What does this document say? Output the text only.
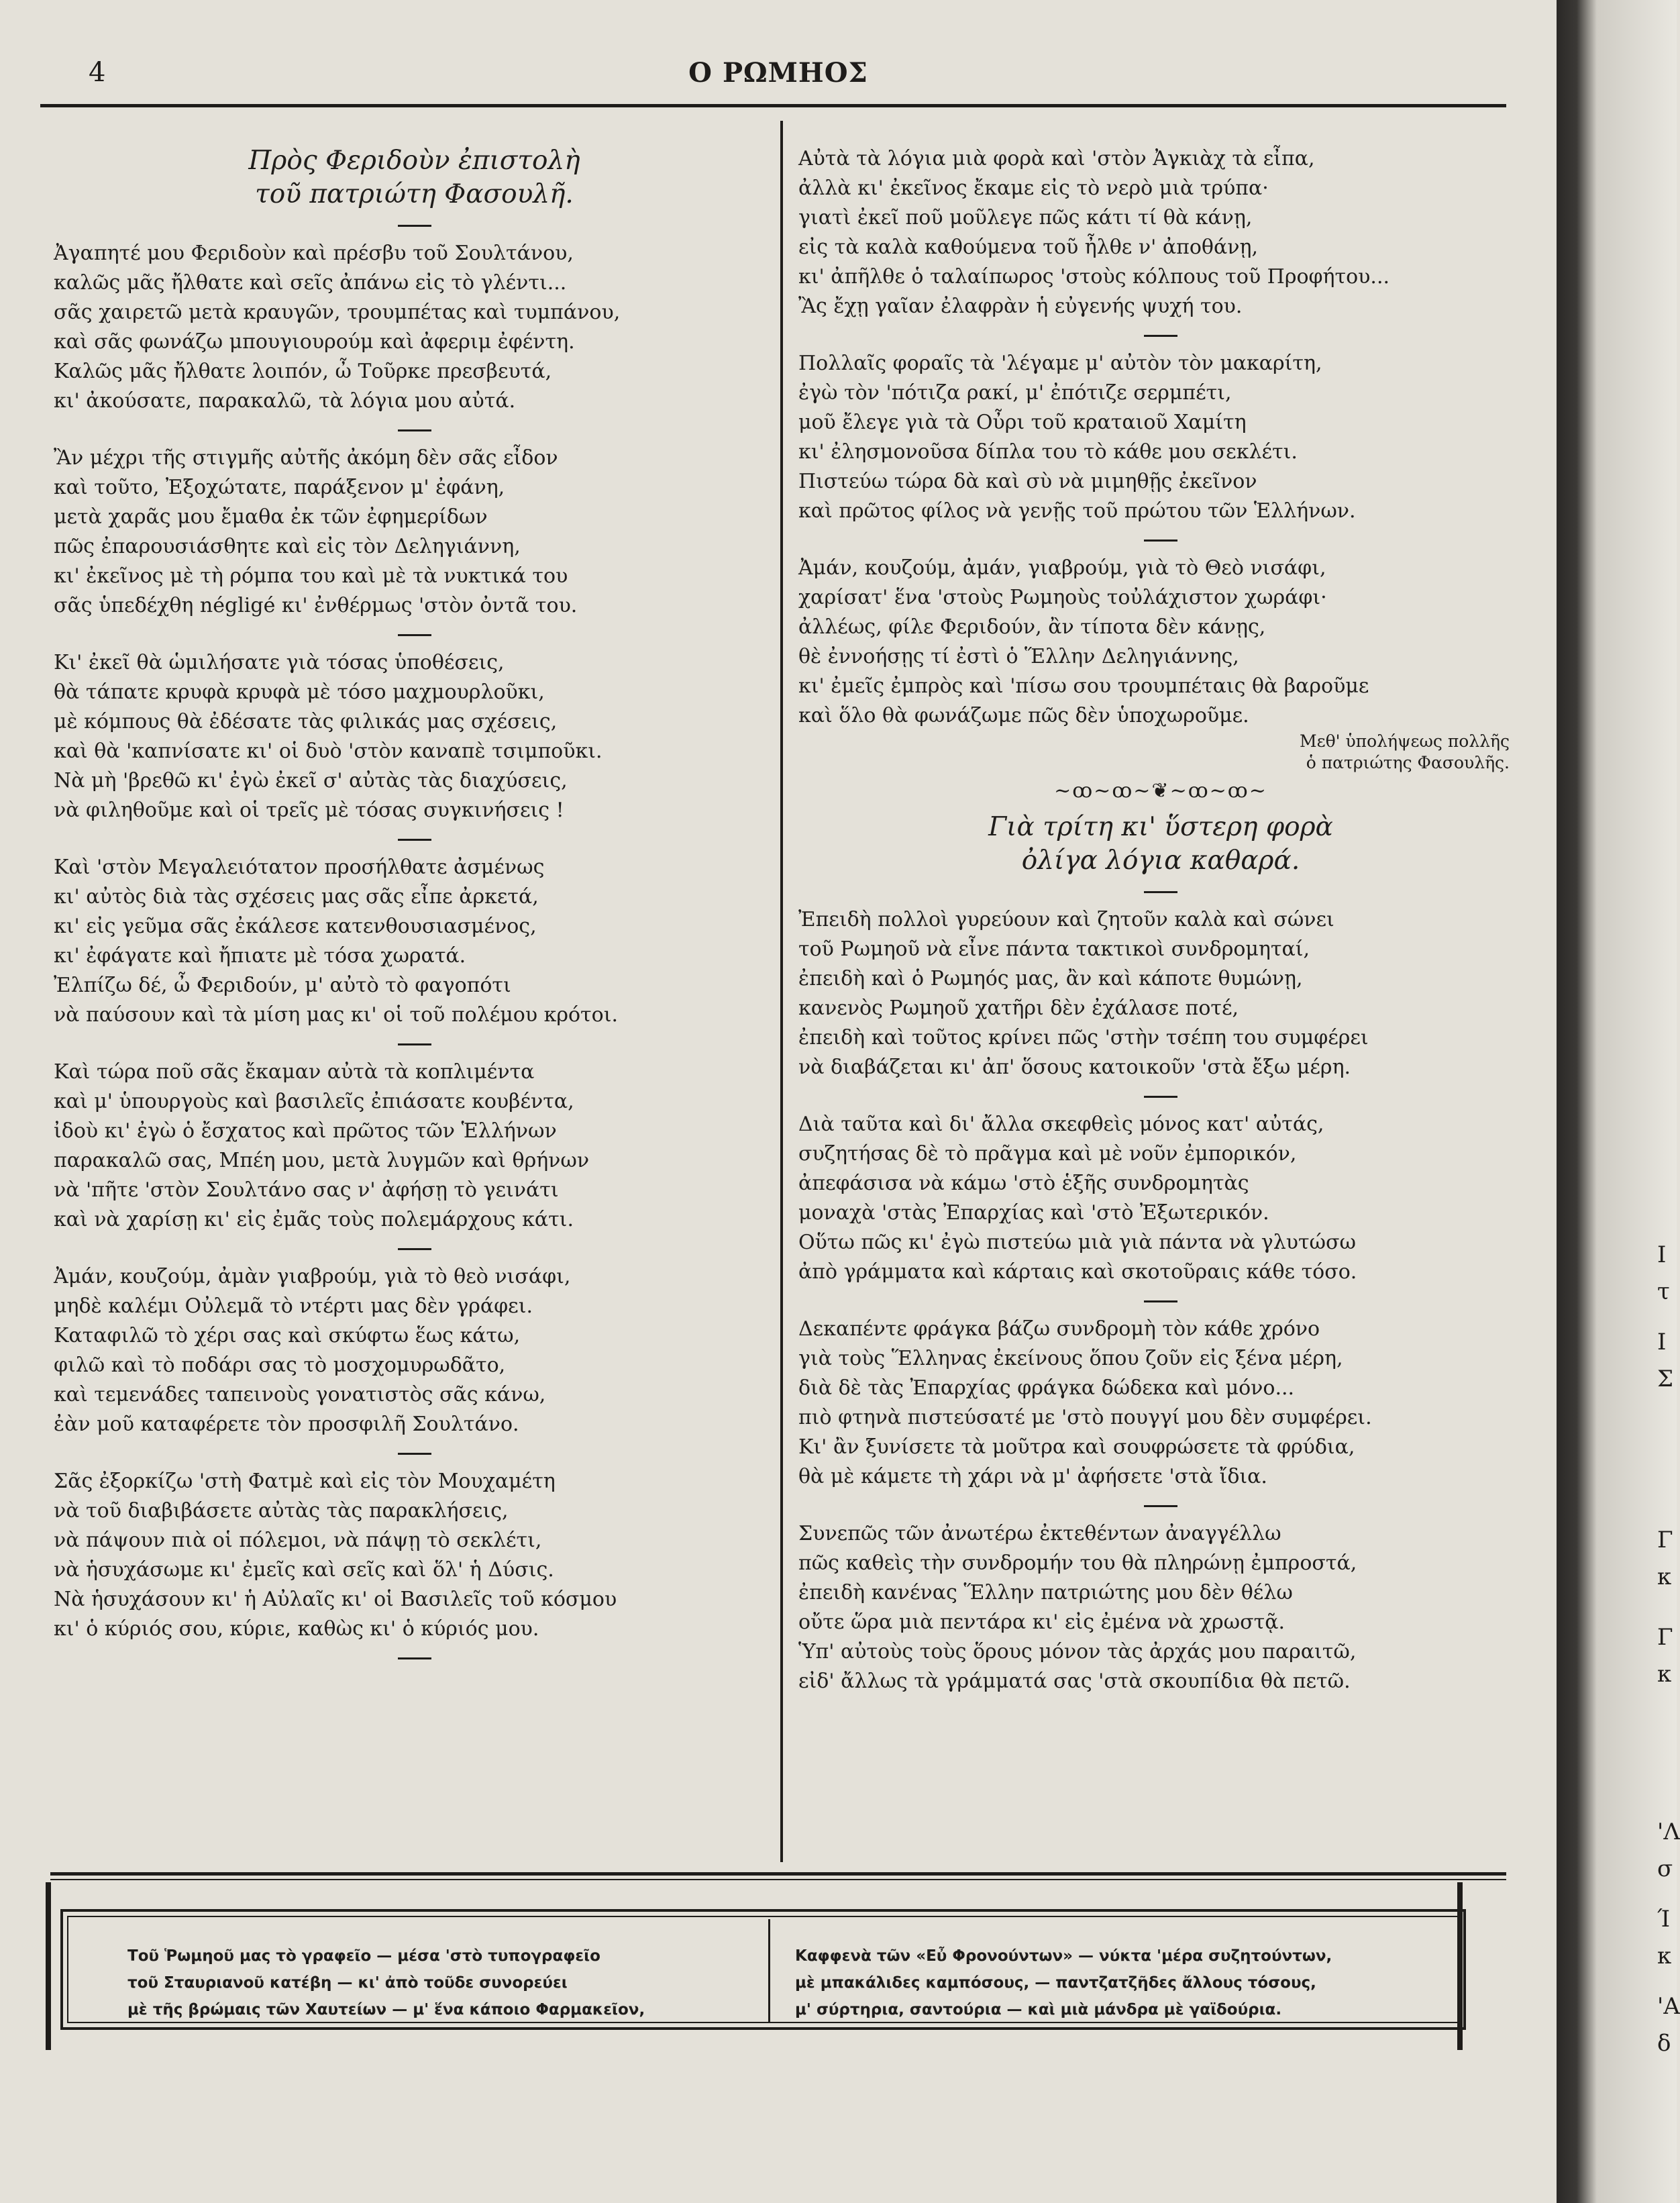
Ι
τ
Ι
Σ
Γ
κ
Γ
κ
'Λ
σ
Ί
κ
'Α
δ
4	Ο ΡΩΜΗΟΣ
Πρὸς Φεριδοὺν ἐπιστολὴ
τοῦ πατριώτη Φασουλῆ.
Ἀγαπητέ μου Φεριδοὺν καὶ πρέσβυ τοῦ Σουλτάνου,
καλῶς μᾶς ἤλθατε καὶ σεῖς ἀπάνω εἰς τὸ γλέντι...
σᾶς χαιρετῶ μετὰ κραυγῶν, τρουμπέτας καὶ τυμπάνου,
καὶ σᾶς φωνάζω μπουγιουρούμ καὶ ἀφεριμ ἐφέντη.
Καλῶς μᾶς ἤλθατε λοιπόν, ὦ Τοῦρκε πρεσβευτά,
κι' ἀκούσατε, παρακαλῶ, τὰ λόγια μου αὐτά.
Ἂν μέχρι τῆς στιγμῆς αὐτῆς ἀκόμη δὲν σᾶς εἶδον
καὶ τοῦτο, Ἐξοχώτατε, παράξενον μ' ἐφάνη,
μετὰ χαρᾶς μου ἔμαθα ἐκ τῶν ἐφημερίδων
πῶς ἐπαρουσιάσθητε καὶ εἰς τὸν Δεληγιάννη,
κι' ἐκεῖνος μὲ τὴ ρόμπα του καὶ μὲ τὰ νυκτικά του
σᾶς ὑπεδέχθη négligé κι' ἐνθέρμως 'στὸν ὀντᾶ του.
Κι' ἐκεῖ θὰ ὡμιλήσατε γιὰ τόσας ὑποθέσεις,
θὰ τάπατε κρυφὰ κρυφὰ μὲ τόσο μαχμουρλοῦκι,
μὲ κόμπους θὰ ἐδέσατε τὰς φιλικάς μας σχέσεις,
καὶ θὰ 'καπνίσατε κι' οἱ δυὸ 'στὸν καναπὲ τσιμποῦκι.
Νὰ μὴ 'βρεθῶ κι' ἐγὼ ἐκεῖ σ' αὐτὰς τὰς διαχύσεις,
νὰ φιληθοῦμε καὶ οἱ τρεῖς μὲ τόσας συγκινήσεις !
Καὶ 'στὸν Μεγαλειότατον προσήλθατε ἀσμένως
κι' αὐτὸς διὰ τὰς σχέσεις μας σᾶς εἶπε ἀρκετά,
κι' εἰς γεῦμα σᾶς ἐκάλεσε κατενθουσιασμένος,
κι' ἐφάγατε καὶ ἤπιατε μὲ τόσα χωρατά.
Ἐλπίζω δέ, ὦ Φεριδούν, μ' αὐτὸ τὸ φαγοπότι
νὰ παύσουν καὶ τὰ μίση μας κι' οἱ τοῦ πολέμου κρότοι.
Καὶ τώρα ποῦ σᾶς ἔκαμαν αὐτὰ τὰ κοπλιμέντα
καὶ μ' ὑπουργοὺς καὶ βασιλεῖς ἐπιάσατε κουβέντα,
ἰδοὺ κι' ἐγὼ ὁ ἔσχατος καὶ πρῶτος τῶν Ἑλλήνων
παρακαλῶ σας, Μπέη μου, μετὰ λυγμῶν καὶ θρήνων
νὰ 'πῆτε 'στὸν Σουλτάνο σας ν' ἀφήσῃ τὸ γεινάτι
καὶ νὰ χαρίσῃ κι' εἰς ἐμᾶς τοὺς πολεμάρχους κάτι.
Ἀμάν, κουζούμ, ἀμὰν γιαβρούμ, γιὰ τὸ θεὸ νισάφι,
μηδὲ καλέμι Οὐλεμᾶ τὸ ντέρτι μας δὲν γράφει.
Καταφιλῶ τὸ χέρι σας καὶ σκύφτω ἕως κάτω,
φιλῶ καὶ τὸ ποδάρι σας τὸ μοσχομυρωδᾶτο,
καὶ τεμενάδες ταπεινοὺς γονατιστὸς σᾶς κάνω,
ἐὰν μοῦ καταφέρετε τὸν προσφιλῆ Σουλτάνο.
Σᾶς ἐξορκίζω 'στὴ Φατμὲ καὶ εἰς τὸν Μουχαμέτη
νὰ τοῦ διαβιβάσετε αὐτὰς τὰς παρακλήσεις,
νὰ πάψουν πιὰ οἱ πόλεμοι, νὰ πάψῃ τὸ σεκλέτι,
νὰ ἡσυχάσωμε κι' ἐμεῖς καὶ σεῖς καὶ ὅλ' ἡ Δύσις.
Νὰ ἡσυχάσουν κι' ἡ Αὐλαῖς κι' οἱ Βασιλεῖς τοῦ κόσμου
κι' ὁ κύριός σου, κύριε, καθὼς κι' ὁ κύριός μου.
Αὐτὰ τὰ λόγια μιὰ φορὰ καὶ 'στὸν Ἀγκιὰχ τὰ εἶπα,
ἀλλὰ κι' ἐκεῖνος ἔκαμε εἰς τὸ νερὸ μιὰ τρύπα·
γιατὶ ἐκεῖ ποῦ μοῦλεγε πῶς κάτι τί θὰ κάνῃ,
εἰς τὰ καλὰ καθούμενα τοῦ ἦλθε ν' ἀποθάνῃ,
κι' ἀπῆλθε ὁ ταλαίπωρος 'στοὺς κόλπους τοῦ Προφήτου...
Ἂς ἔχῃ γαῖαν ἐλαφρὰν ἡ εὐγενής ψυχή του.
Πολλαῖς φοραῖς τὰ 'λέγαμε μ' αὐτὸν τὸν μακαρίτη,
ἐγὼ τὸν 'πότιζα ρακί, μ' ἐπότιζε σερμπέτι,
μοῦ ἔλεγε γιὰ τὰ Οὖρι τοῦ κραταιοῦ Χαμίτη
κι' ἐλησμονοῦσα δίπλα του τὸ κάθε μου σεκλέτι.
Πιστεύω τώρα δὰ καὶ σὺ νὰ μιμηθῇς ἐκεῖνον
καὶ πρῶτος φίλος νὰ γενῇς τοῦ πρώτου τῶν Ἑλλήνων.
Ἀμάν, κουζούμ, ἀμάν, γιαβρούμ, γιὰ τὸ Θεὸ νισάφι,
χαρίσατ' ἕνα 'στοὺς Ρωμηοὺς τοὐλάχιστον χωράφι·
ἀλλέως, φίλε Φεριδούν, ἂν τίποτα δὲν κάνῃς,
θὲ ἐννοήσῃς τί ἐστὶ ὁ Ἕλλην Δεληγιάννης,
κι' ἐμεῖς ἐμπρὸς καὶ 'πίσω σου τρουμπέταις θὰ βαροῦμε
καὶ ὅλο θὰ φωνάζωμε πῶς δὲν ὑποχωροῦμε.
Μεθ' ὑπολήψεως πολλῆς
ὁ πατριώτης Φασουλῆς.
~ꝏ~ꝏ~❦~ꝏ~ꝏ~
Γιὰ τρίτη κι' ὕστερη φορὰ
ὀλίγα λόγια καθαρά.
Ἐπειδὴ πολλοὶ γυρεύουν καὶ ζητοῦν καλὰ καὶ σώνει
τοῦ Ρωμηοῦ νὰ εἶνε πάντα τακτικοὶ συνδρομηταί,
ἐπειδὴ καὶ ὁ Ρωμηός μας, ἂν καὶ κάποτε θυμώνῃ,
κανενὸς Ρωμηοῦ χατῆρι δὲν ἐχάλασε ποτέ,
ἐπειδὴ καὶ τοῦτος κρίνει πῶς 'στὴν τσέπη του συμφέρει
νὰ διαβάζεται κι' ἀπ' ὅσους κατοικοῦν 'στὰ ἔξω μέρη.
Διὰ ταῦτα καὶ δι' ἄλλα σκεφθεὶς μόνος κατ' αὐτάς,
συζητήσας δὲ τὸ πρᾶγμα καὶ μὲ νοῦν ἐμπορικόν,
ἀπεφάσισα νὰ κάμω 'στὸ ἑξῆς συνδρομητὰς
μοναχὰ 'στὰς Ἐπαρχίας καὶ 'στὸ Ἐξωτερικόν.
Οὕτω πῶς κι' ἐγὼ πιστεύω μιὰ γιὰ πάντα νὰ γλυτώσω
ἀπὸ γράμματα καὶ κάρταις καὶ σκοτοῦραις κάθε τόσο.
Δεκαπέντε φράγκα βάζω συνδρομὴ τὸν κάθε χρόνο
γιὰ τοὺς Ἕλληνας ἐκείνους ὅπου ζοῦν εἰς ξένα μέρη,
διὰ δὲ τὰς Ἐπαρχίας φράγκα δώδεκα καὶ μόνο...
πιὸ φτηνὰ πιστεύσατέ με 'στὸ πουγγί μου δὲν συμφέρει.
Κι' ἂν ξυνίσετε τὰ μοῦτρα καὶ σουφρώσετε τὰ φρύδια,
θὰ μὲ κάμετε τὴ χάρι νὰ μ' ἀφήσετε 'στὰ ἴδια.
Συνεπῶς τῶν ἀνωτέρω ἐκτεθέντων ἀναγγέλλω
πῶς καθεὶς τὴν συνδρομήν του θὰ πληρώνῃ ἐμπροστά,
ἐπειδὴ κανένας Ἕλλην πατριώτης μου δὲν θέλω
οὔτε ὥρα μιὰ πεντάρα κι' εἰς ἐμένα νὰ χρωστᾷ.
Ὑπ' αὐτοὺς τοὺς ὅρους μόνον τὰς ἀρχάς μου παραιτῶ,
εἰδ' ἄλλως τὰ γράμματά σας 'στὰ σκουπίδια θὰ πετῶ.
Τοῦ Ῥωμηοῦ μας τὸ γραφεῖο — μέσα 'στὸ τυπογραφεῖο
τοῦ Σταυριανοῦ κατέβη — κι' ἀπὸ τοῦδε συνορεύει
μὲ τῆς βρώμαις τῶν Χαυτείων — μ' ἕνα κάποιο Φαρμακεῖον,
Καφφενὰ τῶν «Εὖ Φρονούντων» — νύκτα 'μέρα συζητούντων,
μὲ μπακάλιδες καμπόσους, — παντζατζῆδες ἄλλους τόσους,
μ' σύρτηρια, σαντούρια — καὶ μιὰ μάνδρα μὲ γαϊδούρια.
